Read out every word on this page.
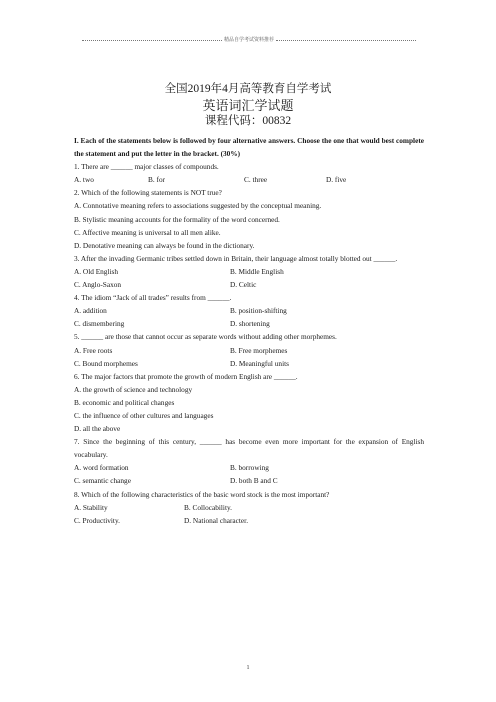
精品自学考试资料推荐
全国2019年4月高等教育自学考试
英语词汇学试题
课程代码：00832
I. Each of the statements below is followed by four alternative answers. Choose the one that would best complete the statement and put the letter in the bracket. (30%)
1. There are ______ major classes of compounds.
A. two	B. for	C. three	D. five
2. Which of the following statements is NOT true?
A. Connotative meaning refers to associations suggested by the conceptual meaning.
B. Stylistic meaning accounts for the formality of the word concerned.
C. Affective meaning is universal to all men alike.
D. Denotative meaning can always be found in the dictionary.
3. After the invading Germanic tribes settled down in Britain, their language almost totally blotted out ______.
A. Old English	B. Middle English
C. Anglo-Saxon	D. Celtic
4. The idiom “Jack of all trades” results from ______.
A. addition	B. position-shifting
C. dismembering	D. shortening
5. ______ are those that cannot occur as separate words without adding other morphemes.
A. Free roots	B. Free morphemes
C. Bound morphemes	D. Meaningful units
6. The major factors that promote the growth of modern English are ______.
A. the growth of science and technology
B. economic and political changes
C. the influence of other cultures and languages
D. all the above
7. Since the beginning of this century, ______ has become even more important for the expansion of English vocabulary.
A. word formation	B. borrowing
C. semantic change	D. both B and C
8. Which of the following characteristics of the basic word stock is the most important?
A. Stability	B. Collocability.
C. Productivity.	D. National character.
1
